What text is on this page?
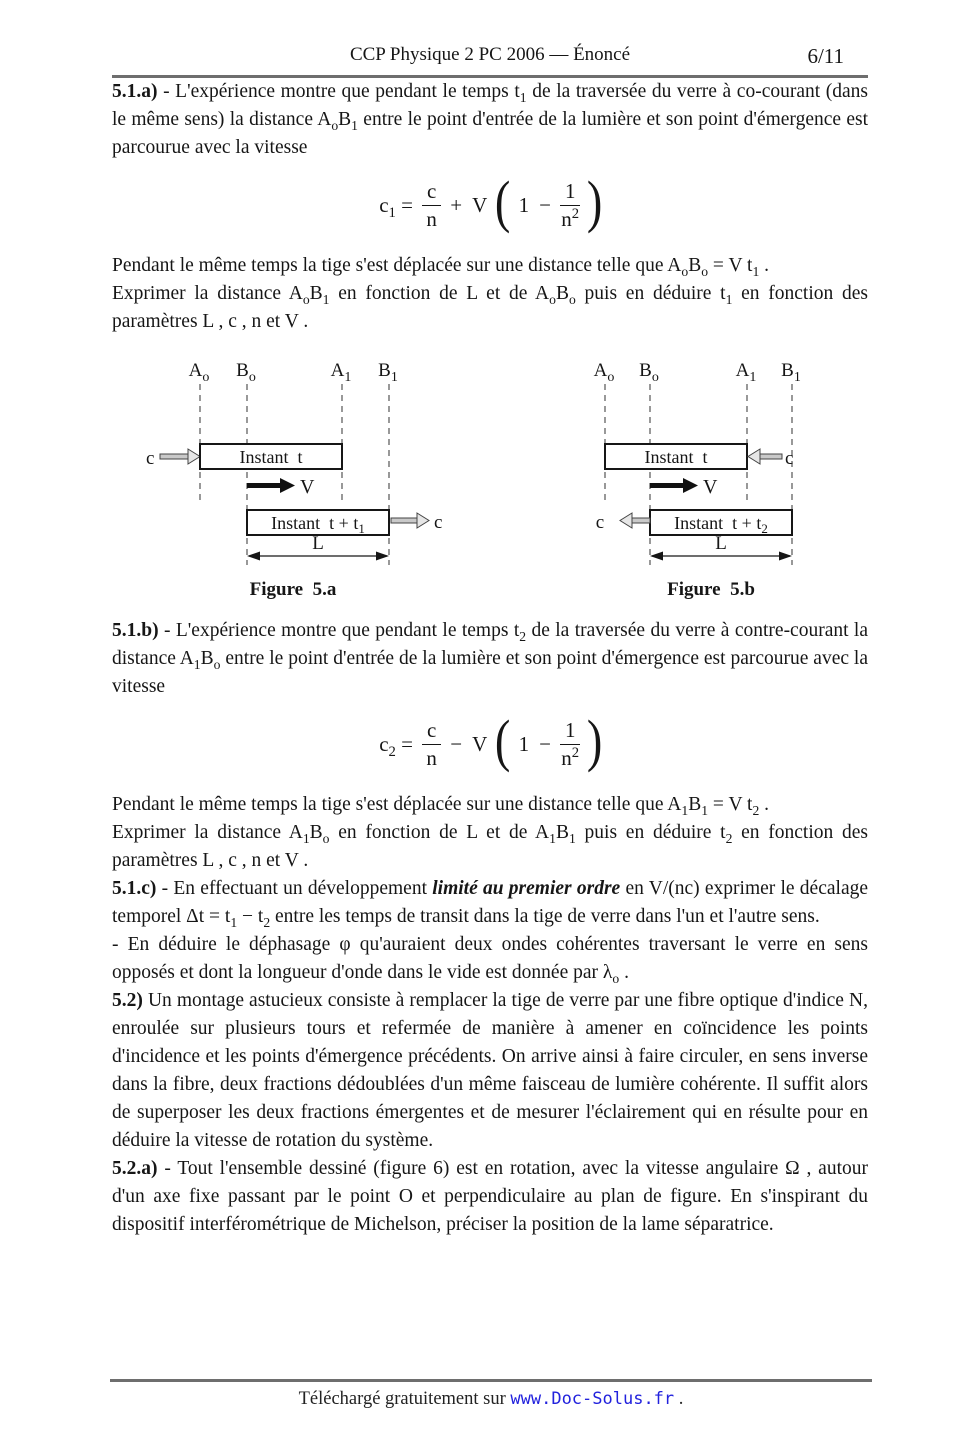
CCP Physique 2 PC 2006 — Énoncé	6/11

5.1.a) - L'expérience montre que pendant le temps $t_1$ de la traversée du verre à co-courant (dans le même sens) la distance $A_oB_1$ entre le point d'entrée de la lumière et son point d'émergence est parcourue avec la vitesse

$c_1 = \frac{c}{n} + V$ ( $1 - \frac{1}{n^2}$ )

Pendant le même temps la tige s'est déplacée sur une distance telle que $A_oB_o = V$ $t_1$ .

Exprimer la distance $A_oB_1$ en fonction de L et de $A_oB_o$ puis en déduire $t_1$ en fonction des paramètres L , c , n et V .

$A_o$ $B_o$	$A_1$ $B_1$
c	Instant  t
V
Instant  $t + t_1$	c
L
Figure  5.a
$A_o$ $B_o$	$A_1$ $B_1$
Instant  t	c
V
Instant  $t + t_2$
c
L
Figure  5.b

5.1.b) - L'expérience montre que pendant le temps $t_2$ de la traversée du verre à contre-courant la distance $A_1B_o$ entre le point d'entrée de la lumière et son point d'émergence est parcourue avec la vitesse

$c_2 = \frac{c}{n} - V$ ( $1 - \frac{1}{n^2}$ )

Pendant le même temps la tige s'est déplacée sur une distance telle que $A_1B_1 = V$ $t_2$ .

Exprimer la distance $A_1B_o$ en fonction de L et de $A_1B_1$ puis en déduire $t_2$ en fonction des paramètres L , c , n et V .

5.1.c) - En effectuant un développement limité au premier ordre en V/(nc) exprimer le décalage temporel $\Delta t = t_1 - t_2$ entre les temps de transit dans la tige de verre dans l'un et l'autre sens.

- En déduire le déphasage φ qu'auraient deux ondes cohérentes traversant le verre en sens opposés et dont la longueur d'onde dans le vide est donnée par $\lambda_o$ .

5.2) Un montage astucieux consiste à remplacer la tige de verre par une fibre optique d'indice N, enroulée sur plusieurs tours et refermée de manière à amener en coïncidence les points d'incidence et les points d'émergence précédents. On arrive ainsi à faire circuler, en sens inverse dans la fibre, deux fractions dédoublées d'un même faisceau de lumière cohérente. Il suffit alors de superposer les deux fractions émergentes et de mesurer l'éclairement qui en résulte pour en déduire la vitesse de rotation du système.

5.2.a) - Tout l'ensemble dessiné (figure 6) est en rotation, avec la vitesse angulaire Ω , autour d'un axe fixe passant par le point O et perpendiculaire au plan de figure. En s'inspirant du dispositif interférométrique de Michelson, préciser la position de la lame séparatrice.

Téléchargé gratuitement sur www.Doc-Solus.fr .
